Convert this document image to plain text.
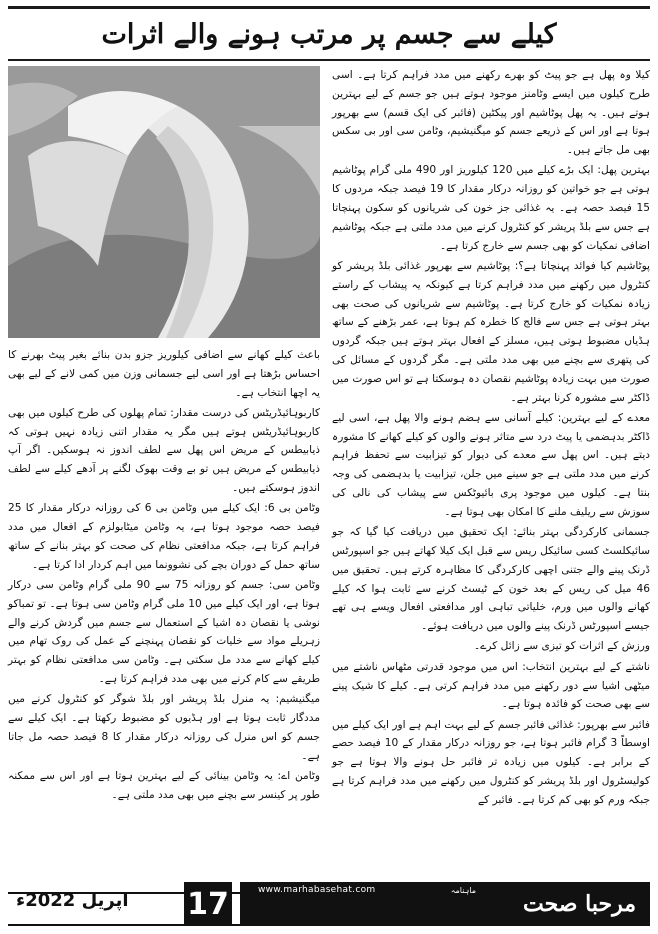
کیلے سے جسم پر مرتب ہونے والے اثرات

کیلا وہ پھل ہے جو پیٹ کو بھرے رکھنے میں مدد فراہم کرتا ہے۔ اسی طرح کیلوں میں ایسے وٹامنز موجود ہوتے ہیں جو جسم کے لیے بہترین ہوتے ہیں۔ یہ پھل پوٹاشیم اور پیکٹین (فائبر کی ایک قسم) سے بھرپور ہوتا ہے اور اس کے ذریعے جسم کو میگنیشیم، وٹامن سی اور بی سکس بھی مل جاتے ہیں۔

بہترین پھل: ایک بڑے کیلے میں 120 کیلوریز اور 490 ملی گرام پوٹاشیم ہوتی ہے جو خواتین کو روزانہ درکار مقدار کا 19 فیصد جبکہ مردوں کا 15 فیصد حصہ ہے۔ یہ غذائی جز خون کی شریانوں کو سکون پہنچاتا ہے جس سے بلڈ پریشر کو کنٹرول کرنے میں مدد ملتی ہے جبکہ پوٹاشیم اضافی نمکیات کو بھی جسم سے خارج کرتا ہے۔

پوٹاشیم کیا فوائد پہنچاتا ہے؟: پوٹاشیم سے بھرپور غذائی بلڈ پریشر کو کنٹرول میں رکھنے میں مدد فراہم کرتا ہے کیونکہ یہ پیشاب کے راستے زیادہ نمکیات کو خارج کرتا ہے۔ پوٹاشیم سے شریانوں کی صحت بھی بہتر ہوتی ہے جس سے فالج کا خطرہ کم ہوتا ہے، عمر بڑھنے کے ساتھ ہڈیاں مضبوط ہوتی ہیں، مسلز کے افعال بہتر ہوتے ہیں جبکہ گردوں کی پتھری سے بچنے میں بھی مدد ملتی ہے۔ مگر گردوں کے مسائل کی صورت میں بہت زیادہ پوٹاشیم نقصان دہ ہوسکتا ہے تو اس صورت میں ڈاکٹر سے مشورہ کرنا بہتر ہے۔

معدے کے لیے بہترین: کیلے آسانی سے ہضم ہونے والا پھل ہے، اسی لیے ڈاکٹر بدہضمی یا پیٹ درد سے متاثر ہونے والوں کو کیلے کھانے کا مشورہ دیتے ہیں۔ اس پھل سے معدے کی دیوار کو تیزابیت سے تحفظ فراہم کرنے میں مدد ملتی ہے جو سینے میں جلن، تیزابیت یا بدہضمی کی وجہ بنتا ہے۔ کیلوں میں موجود پری بائیوٹکس سے پیشاب کی نالی کی سوزش سے ریلیف ملنے کا امکان بھی ہوتا ہے۔

جسمانی کارکردگی بہتر بنائے: ایک تحقیق میں دریافت کیا گیا کہ جو سائیکلسٹ کسی سائیکل ریس سے قبل ایک کیلا کھاتے ہیں جو اسپورٹس ڈرنک پینے والے جتنی اچھی کارکردگی کا مظاہرہ کرتے ہیں۔ تحقیق میں 46 میل کی ریس کے بعد خون کے ٹیسٹ کرنے سے ثابت ہوا کہ کیلے کھانے والوں میں ورم، خلیاتی تباہی اور مدافعتی افعال ویسے ہی تھے جیسے اسپورٹس ڈرنک پینے والوں میں دریافت ہوئے۔

ورزش کے اثرات کو تیزی سے زائل کرے۔

ناشتے کے لیے بہترین انتخاب: اس میں موجود قدرتی مٹھاس ناشتے میں میٹھی اشیا سے دور رکھنے میں مدد فراہم کرتی ہے۔ کیلے کا شیک پینے سے بھی صحت کو فائدہ ہوتا ہے۔

فائبر سے بھرپور: غذائی فائبر جسم کے لیے بہت اہم ہے اور ایک کیلے میں اوسطاً 3 گرام فائبر ہوتا ہے، جو روزانہ درکار مقدار کے 10 فیصد حصے کے برابر ہے۔ کیلوں میں زیادہ تر فائبر حل ہونے والا ہوتا ہے جو کولیسٹرول اور بلڈ پریشر کو کنٹرول میں رکھنے میں مدد فراہم کرتا ہے جبکہ ورم کو بھی کم کرتا ہے۔ فائبر کے

باعث کیلے کھانے سے اضافی کیلوریز جزو بدن بنائے بغیر پیٹ بھرنے کا احساس بڑھتا ہے اور اسی لیے جسمانی وزن میں کمی لانے کے لیے بھی یہ اچھا انتخاب ہے۔

کاربوہائیڈریٹس کی درست مقدار: تمام پھلوں کی طرح کیلوں میں بھی کاربوہائیڈریٹس ہوتے ہیں مگر یہ مقدار اتنی زیادہ نہیں ہوتی کہ ذیابیطس کے مریض اس پھل سے لطف اندوز نہ ہوسکیں۔ اگر آپ ذیابیطس کے مریض ہیں تو بے وقت بھوک لگنے پر آدھے کیلے سے لطف اندوز ہوسکتے ہیں۔

وٹامن بی 6: ایک کیلے میں وٹامن بی 6 کی روزانہ درکار مقدار کا 25 فیصد حصہ موجود ہوتا ہے، یہ وٹامن میٹابولزم کے افعال میں مدد فراہم کرتا ہے، جبکہ مدافعتی نظام کی صحت کو بہتر بنانے کے ساتھ ساتھ حمل کے دوران بچے کی نشوونما میں اہم کردار ادا کرتا ہے۔

وٹامن سی: جسم کو روزانہ 75 سے 90 ملی گرام وٹامن سی درکار ہوتا ہے، اور ایک کیلے میں 10 ملی گرام وٹامن سی ہوتا ہے۔ تو تمباکو نوشی یا نقصان دہ اشیا کے استعمال سے جسم میں گردش کرنے والے زہریلے مواد سے خلیات کو نقصان پہنچنے کے عمل کی روک تھام میں کیلے کھانے سے مدد مل سکتی ہے۔ وٹامن سی مدافعتی نظام کو بہتر طریقے سے کام کرنے میں بھی مدد فراہم کرتا ہے۔

میگنیشیم: یہ منرل بلڈ پریشر اور بلڈ شوگر کو کنٹرول کرنے میں مددگار ثابت ہوتا ہے اور ہڈیوں کو مضبوط رکھتا ہے۔ ایک کیلے سے جسم کو اس منرل کی روزانہ درکار مقدار کا 8 فیصد حصہ مل جاتا ہے۔

وٹامن اے: یہ وٹامن بینائی کے لیے بہترین ہوتا ہے اور اس سے ممکنہ طور پر کینسر سے بچنے میں بھی مدد ملتی ہے۔

اپریل 2022ء 17	www.marhabasehat.com	ماہنامہ
مرحبا صحت
